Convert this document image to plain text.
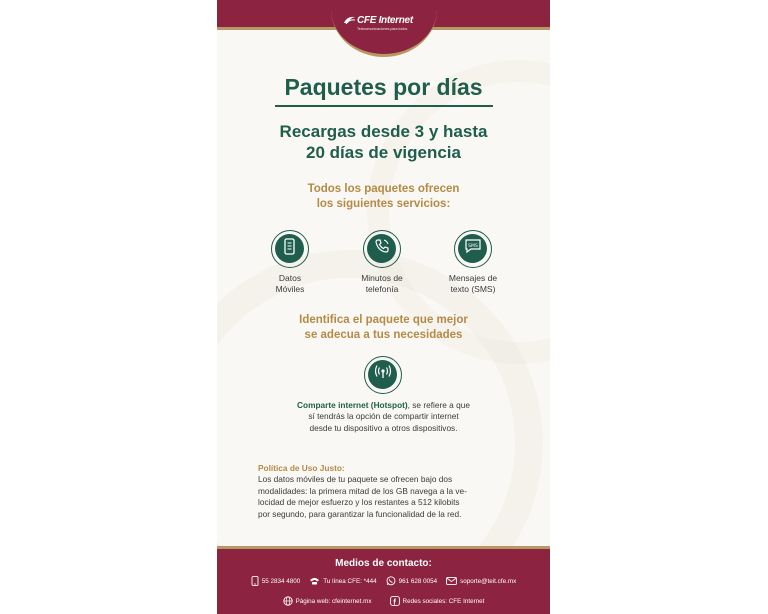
CFE Internet
Telecomunicaciones para todos
Paquetes por días
Recargas desde 3 y hasta
20 días de vigencia
Todos los paquetes ofrecen
los siguientes servicios:
Datos
Móviles
Minutos de
telefonía
SMS
Mensajes de
texto (SMS)
Identifica el paquete que mejor
se adecua a tus necesidades
Comparte internet (Hotspot), se refiere a que
sí tendrás la opción de compartir internet
desde tu dispositivo a otros dispositivos.
Política de Uso Justo:
Los datos móviles de tu paquete se ofrecen bajo dos
modalidades: la primera mitad de los GB navega a la ve-
locidad de mejor esfuerzo y los restantes a 512 kilobits
por segundo, para garantizar la funcionalidad de la red.
Medios de contacto:
55 2834 4800	Tu línea CFE: *444	961 628 0054	soporte@teit.cfe.mx
Página web: cfeinternet.mx	Redes sociales: CFE Internet
